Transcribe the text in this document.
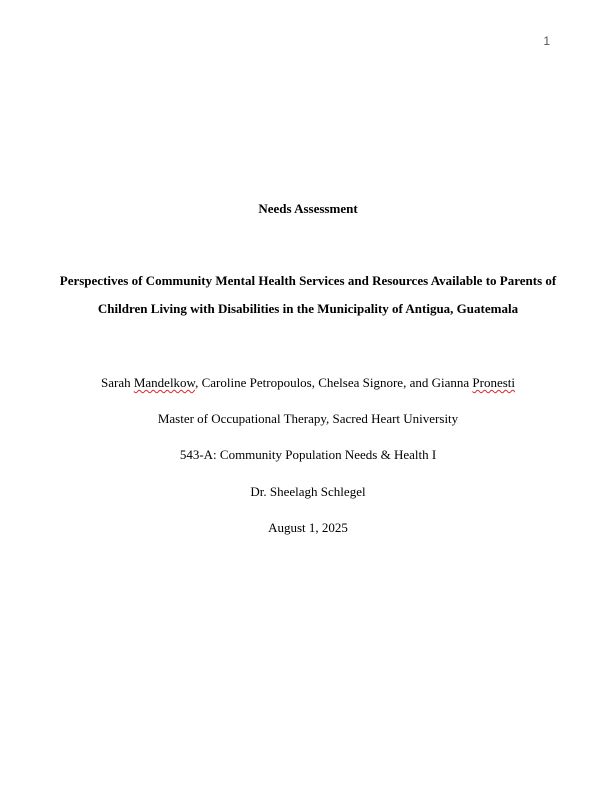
1
Needs Assessment
Perspectives of Community Mental Health Services and Resources Available to Parents of
Children Living with Disabilities in the Municipality of Antigua, Guatemala
Sarah Mandelkow, Caroline Petropoulos, Chelsea Signore, and Gianna Pronesti
Master of Occupational Therapy, Sacred Heart University
543-A: Community Population Needs & Health I
Dr. Sheelagh Schlegel
August 1, 2025
